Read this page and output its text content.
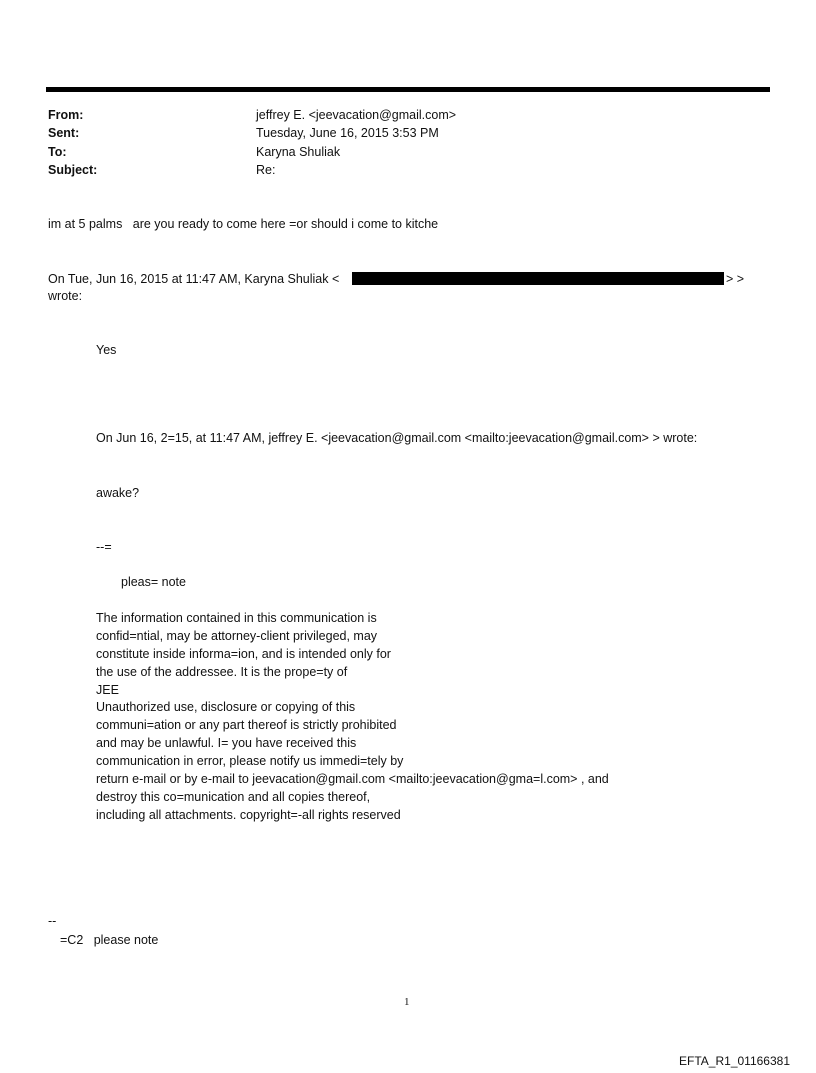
From:	jeffrey E. <jeevacation@gmail.com>
Sent:	Tuesday, June 16, 2015 3:53 PM
To:	Karyna Shuliak
Subject:	Re:
im at 5 palms   are you ready to come here =or should i come to kitche
On Tue, Jun 16, 2015 at 11:47 AM, Karyna Shuliak <	> >
wrote:
Yes
On Jun 16, 2=15, at 11:47 AM, jeffrey E. <jeevacation@gmail.com <mailto:jeevacation@gmail.com> > wrote:
awake?
--=
pleas= note
The information contained in this communication is
confid=ntial, may be attorney-client privileged, may
constitute inside informa=ion, and is intended only for
the use of the addressee. It is the prope=ty of
JEE
Unauthorized use, disclosure or copying of this
communi=ation or any part thereof is strictly prohibited
and may be unlawful. I= you have received this
communication in error, please notify us immedi=tely by
return e-mail or by e-mail to jeevacation@gmail.com <mailto:jeevacation@gma=l.com> , and
destroy this co=munication and all copies thereof,
including all attachments. copyright=-all rights reserved
--
=C2   please note
1
EFTA_R1_01166381
